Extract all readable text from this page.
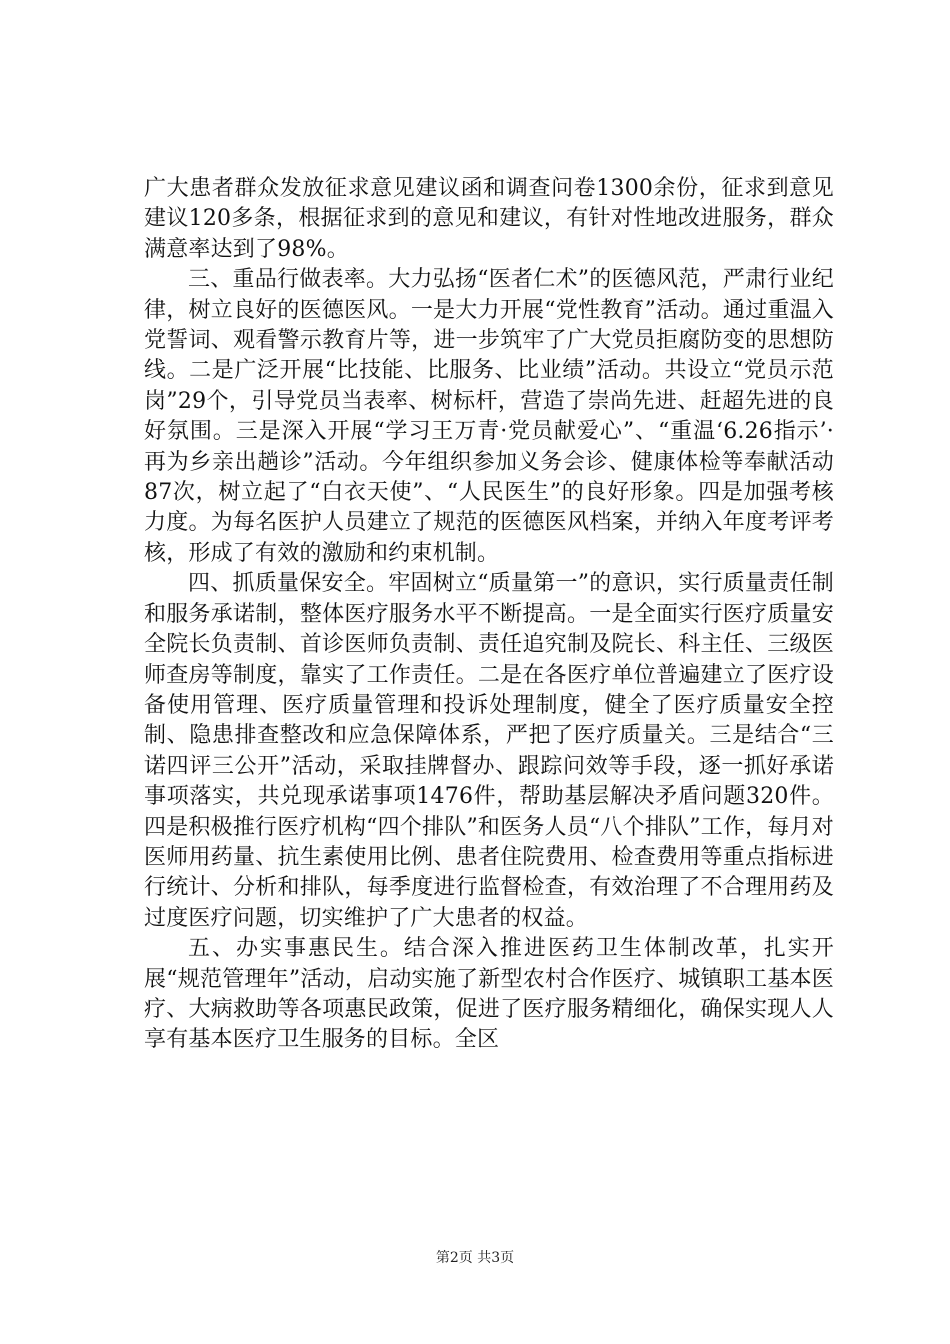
广大患者群众发放征求意见建议函和调查问卷1300余份，征求到意见建议120多条，根据征求到的意见和建议，有针对性地改进服务，群众满意率达到了98%。

三、重品行做表率。大力弘扬“医者仁术”的医德风范，严肃行业纪律，树立良好的医德医风。一是大力开展“党性教育”活动。通过重温入党誓词、观看警示教育片等，进一步筑牢了广大党员拒腐防变的思想防线。二是广泛开展“比技能、比服务、比业绩”活动。共设立“党员示范岗”29个，引导党员当表率、树标杆，营造了崇尚先进、赶超先进的良好氛围。三是深入开展“学习王万青·党员献爱心”、“重温‘6.26指示’·再为乡亲出趟诊”活动。今年组织参加义务会诊、健康体检等奉献活动87次，树立起了“白衣天使”、“人民医生”的良好形象。四是加强考核力度。为每名医护人员建立了规范的医德医风档案，并纳入年度考评考核，形成了有效的激励和约束机制。

四、抓质量保安全。牢固树立“质量第一”的意识，实行质量责任制和服务承诺制，整体医疗服务水平不断提高。一是全面实行医疗质量安全院长负责制、首诊医师负责制、责任追究制及院长、科主任、三级医师查房等制度，靠实了工作责任。二是在各医疗单位普遍建立了医疗设备使用管理、医疗质量管理和投诉处理制度，健全了医疗质量安全控制、隐患排查整改和应急保障体系，严把了医疗质量关。三是结合“三诺四评三公开”活动，采取挂牌督办、跟踪问效等手段，逐一抓好承诺事项落实，共兑现承诺事项1476件，帮助基层解决矛盾问题320件。四是积极推行医疗机构“四个排队”和医务人员“八个排队”工作，每月对医师用药量、抗生素使用比例、患者住院费用、检查费用等重点指标进行统计、分析和排队，每季度进行监督检查，有效治理了不合理用药及过度医疗问题，切实维护了广大患者的权益。

五、办实事惠民生。结合深入推进医药卫生体制改革，扎实开展“规范管理年”活动，启动实施了新型农村合作医疗、城镇职工基本医疗、大病救助等各项惠民政策，促进了医疗服务精细化，确保实现人人享有基本医疗卫生服务的目标。全区

第2页 共3页
